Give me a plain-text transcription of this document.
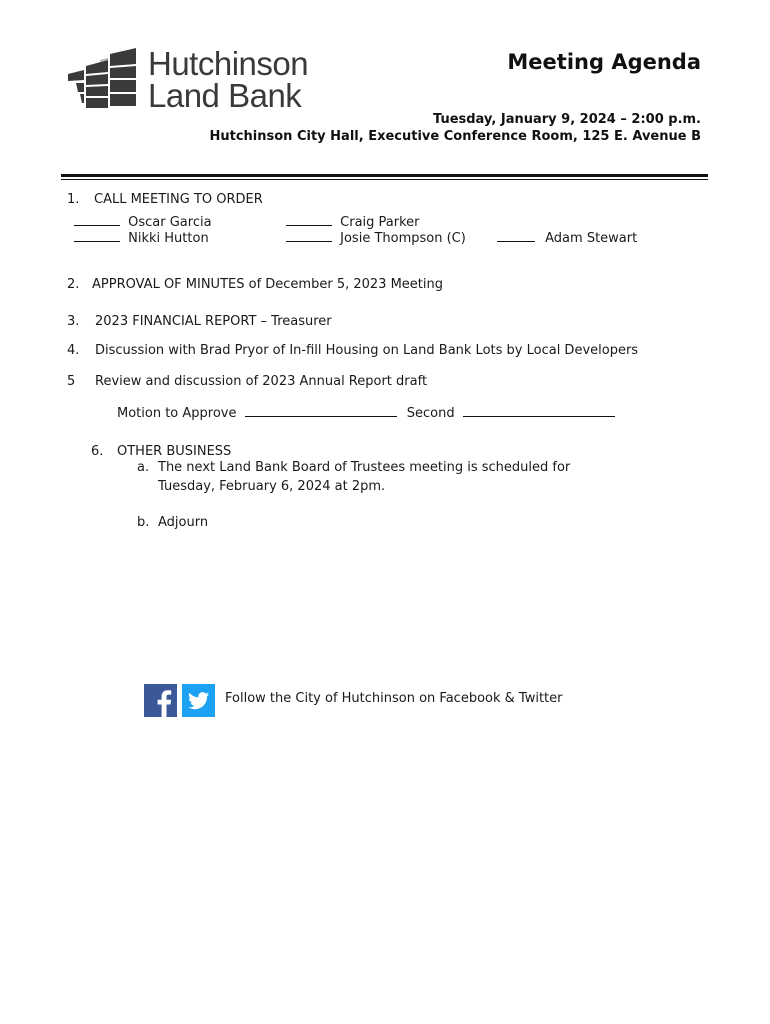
Hutchinson
Land Bank
Meeting Agenda
Tuesday, January 9, 2024 – 2:00 p.m.
Hutchinson City Hall, Executive Conference Room, 125 E. Avenue B
1. CALL MEETING TO ORDER
Oscar Garcia
Nikki Hutton
Craig Parker
Josie Thompson (C)	Adam Stewart
2. APPROVAL OF MINUTES of December 5, 2023 Meeting
3. 2023 FINANCIAL REPORT – Treasurer
4. Discussion with Brad Pryor of In-fill Housing on Land Bank Lots by Local Developers
5 Review and discussion of 2023 Annual Report draft
Motion to Approve	Second
6. OTHER BUSINESS
a. The next Land Bank Board of Trustees meeting is scheduled for
Tuesday, February 6, 2024 at 2pm.
b. Adjourn
Follow the City of Hutchinson on Facebook & Twitter
